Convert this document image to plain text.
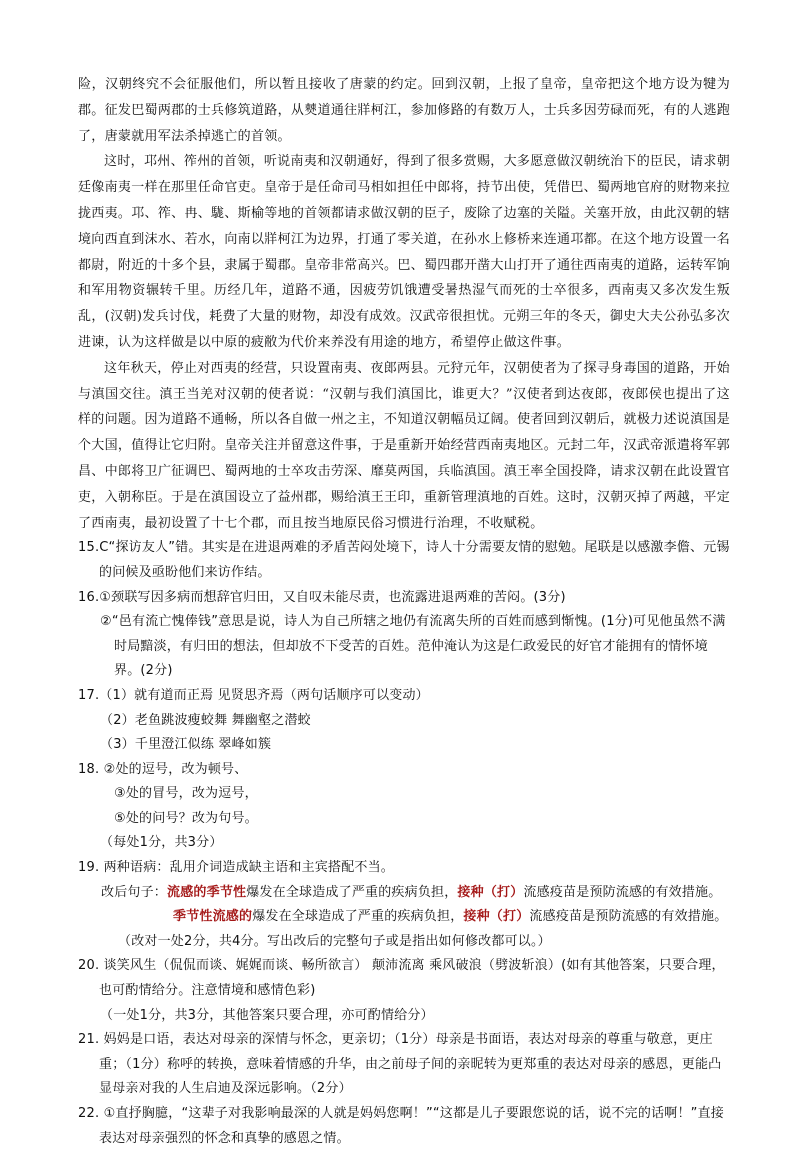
险，汉朝终究不会征服他们，所以暂且接收了唐蒙的约定。回到汉朝，上报了皇帝，皇帝把这个地方设为犍为郡。征发巴蜀两郡的士兵修筑道路，从僰道通往牂柯江，参加修路的有数万人，士兵多因劳碌而死，有的人逃跑了，唐蒙就用军法杀掉逃亡的首领。

这时，邛州、筰州的首领，听说南夷和汉朝通好，得到了很多赏赐，大多愿意做汉朝统治下的臣民，请求朝廷像南夷一样在那里任命官吏。皇帝于是任命司马相如担任中郎将，持节出使，凭借巴、蜀两地官府的财物来拉拢西夷。邛、筰、冉、駹、斯榆等地的首领都请求做汉朝的臣子，废除了边塞的关隘。关塞开放，由此汉朝的辖境向西直到沫水、若水，向南以牂柯江为边界，打通了零关道，在孙水上修桥来连通邛都。在这个地方设置一名都尉，附近的十多个县，隶属于蜀郡。皇帝非常高兴。巴、蜀四郡开凿大山打开了通往西南夷的道路，运转军饷和军用物资辗转千里。历经几年，道路不通，因疲劳饥饿遭受暑热湿气而死的士卒很多，西南夷又多次发生叛乱，(汉朝)发兵讨伐，耗费了大量的财物，却没有成效。汉武帝很担忧。元朔三年的冬天，御史大夫公孙弘多次进谏，认为这样做是以中原的疲敝为代价来养没有用途的地方，希望停止做这件事。

这年秋天，停止对西夷的经营，只设置南夷、夜郎两县。元狩元年，汉朝使者为了探寻身毒国的道路，开始与滇国交往。滇王当羌对汉朝的使者说：“汉朝与我们滇国比，谁更大？”汉使者到达夜郎，夜郎侯也提出了这样的问题。因为道路不通畅，所以各自做一州之主，不知道汉朝幅员辽阔。使者回到汉朝后，就极力述说滇国是个大国，值得让它归附。皇帝关注并留意这件事，于是重新开始经营西南夷地区。元封二年，汉武帝派遣将军郭昌、中郎将卫广征调巴、蜀两地的士卒攻击劳深、靡莫两国，兵临滇国。滇王率全国投降，请求汉朝在此设置官吏，入朝称臣。于是在滇国设立了益州郡，赐给滇王王印，重新管理滇地的百姓。这时，汉朝灭掉了两越，平定了西南夷，最初设置了十七个郡，而且按当地原民俗习惯进行治理，不收赋税。

15.C“探访友人”错。其实是在进退两难的矛盾苦闷处境下，诗人十分需要友情的慰勉。尾联是以感激李儋、元锡的问候及亟盼他们来访作结。

16.①颈联写因多病而想辞官归田，又自叹未能尽责，也流露进退两难的苦闷。(3分)

②“邑有流亡愧俸钱”意思是说，诗人为自己所辖之地仍有流离失所的百姓而感到惭愧。(1分)可见他虽然不满时局黯淡，有归田的想法，但却放不下受苦的百姓。范仲淹认为这是仁政爱民的好官才能拥有的情怀境界。(2分)

17.（1）就有道而正焉 见贤思齐焉（两句话顺序可以变动）

（2）老鱼跳波瘦蛟舞 舞幽壑之潜蛟

（3）千里澄江似练 翠峰如簇

18. ②处的逗号，改为顿号、

③处的冒号，改为逗号，

⑤处的问号？改为句号。

（每处1分，共3分）

19. 两种语病：乱用介词造成缺主语和主宾搭配不当。

改后句子：流感的季节性爆发在全球造成了严重的疾病负担，接种（打）流感疫苗是预防流感的有效措施。

季节性流感的爆发在全球造成了严重的疾病负担，接种（打）流感疫苗是预防流感的有效措施。

（改对一处2分，共4分。写出改后的完整句子或是指出如何修改都可以。）

20. 谈笑风生（侃侃而谈、娓娓而谈、畅所欲言） 颠沛流离 乘风破浪（劈波斩浪）(如有其他答案，只要合理，也可酌情给分。注意情境和感情色彩)

（一处1分，共3分，其他答案只要合理，亦可酌情给分）

21. 妈妈是口语，表达对母亲的深情与怀念，更亲切；（1分）母亲是书面语，表达对母亲的尊重与敬意，更庄重；（1分）称呼的转换，意味着情感的升华，由之前母子间的亲昵转为更郑重的表达对母亲的感恩，更能凸显母亲对我的人生启迪及深远影响。（2分）

22. ①直抒胸臆，“这辈子对我影响最深的人就是妈妈您啊！”“这都是儿子要跟您说的话，说不完的话啊！”直接表达对母亲强烈的怀念和真挚的感恩之情。
